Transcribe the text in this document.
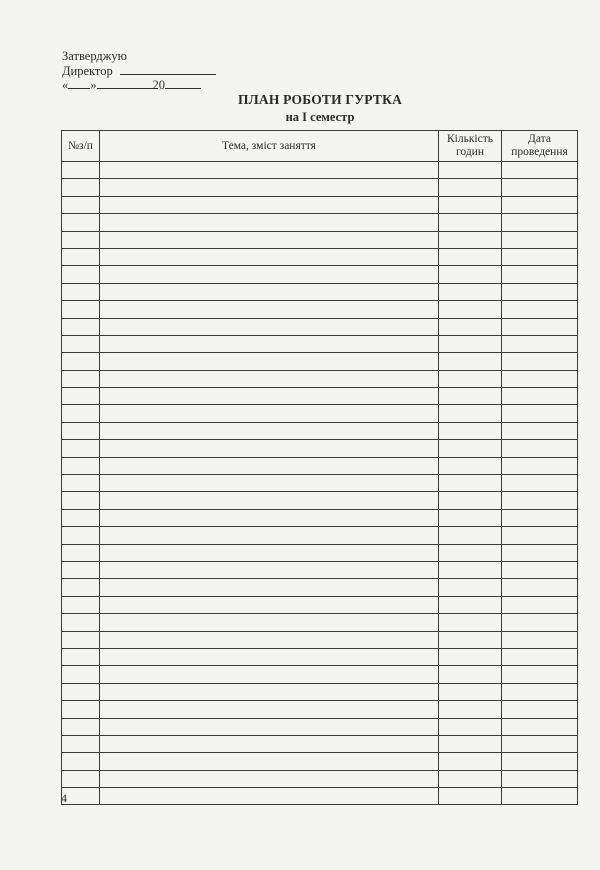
Затверджую
Директор
« »	20
ПЛАН РОБОТИ ГУРТКА
на I семестр
№з/п	Тема, зміст заняття	Кількість годин	Дата проведення

4
